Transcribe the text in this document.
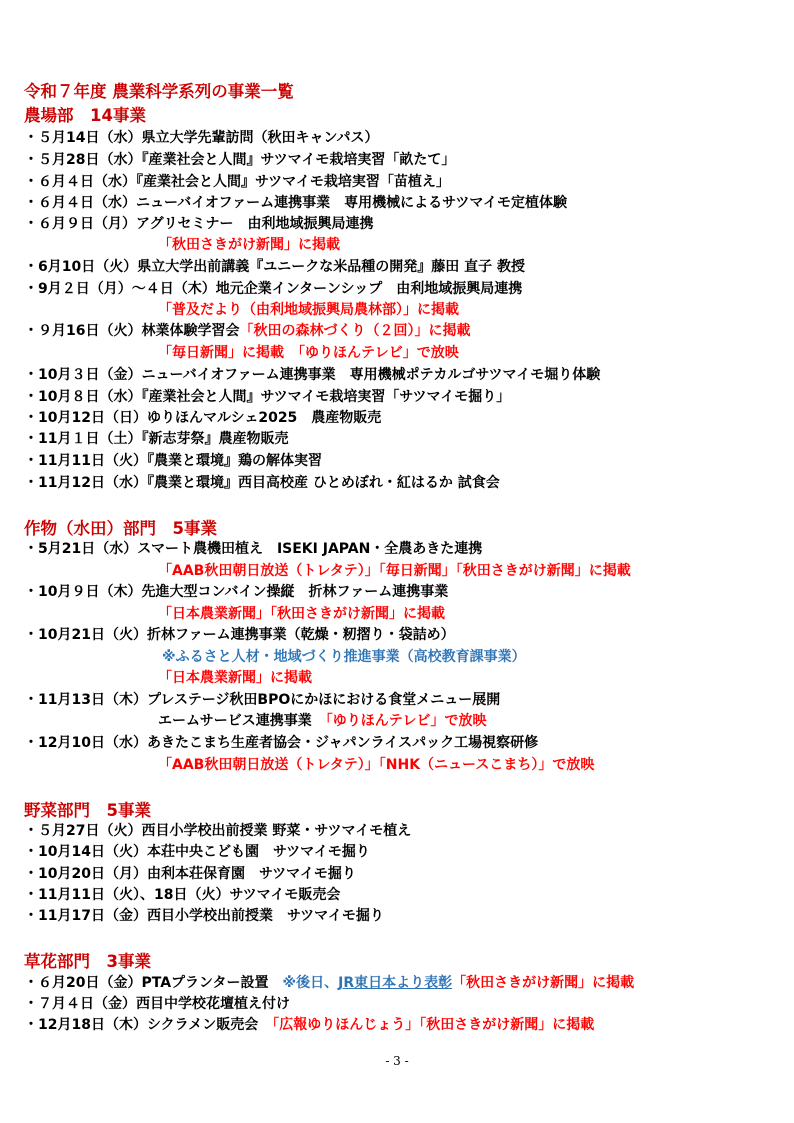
令和７年度 農業科学系列の事業一覧
農場部　14事業
・５月14日（水）県立大学先輩訪問（秋田キャンパス）
・５月28日（水）『産業社会と人間』サツマイモ栽培実習「畝たて」
・６月４日（水）『産業社会と人間』サツマイモ栽培実習「苗植え」
・６月４日（水）ニューバイオファーム連携事業　専用機械によるサツマイモ定植体験
・６月９日（月）アグリセミナー　由利地域振興局連携
「秋田さきがけ新聞」に掲載
・6月10日（火）県立大学出前講義『ユニークな米品種の開発』藤田 直子 教授
・9月２日（月）～４日（木）地元企業インターンシップ　由利地域振興局連携
「普及だより（由利地域振興局農林部）」に掲載
・９月16日（火）林業体験学習会「秋田の森林づくり（２回）」に掲載
「毎日新聞」に掲載　「ゆりほんテレビ」で放映
・10月３日（金）ニューバイオファーム連携事業　専用機械ポテカルゴサツマイモ堀り体験
・10月８日（水）『産業社会と人間』サツマイモ栽培実習「サツマイモ掘り」
・10月12日（日）ゆりほんマルシェ2025　農産物販売
・11月１日（土）『新志芽祭』農産物販売
・11月11日（火）『農業と環境』鶏の解体実習
・11月12日（水）『農業と環境』西目高校産 ひとめぼれ・紅はるか 試食会
作物（水田）部門　5事業
・5月21日（水）スマート農機田植え　ISEKI JAPAN・全農あきた連携
「AAB秋田朝日放送（トレタテ）」「毎日新聞」「秋田さきがけ新聞」に掲載
・10月９日（木）先進大型コンバイン操縦　折林ファーム連携事業
「日本農業新聞」「秋田さきがけ新聞」に掲載
・10月21日（火）折林ファーム連携事業（乾燥・籾摺り・袋詰め）
※ふるさと人材・地域づくり推進事業（高校教育課事業）
「日本農業新聞」に掲載
・11月13日（木）プレステージ秋田BPOにかほにおける食堂メニュー展開
エームサービス連携事業　「ゆりほんテレビ」で放映
・12月10日（水）あきたこまち生産者協会・ジャパンライスパック工場視察研修
「AAB秋田朝日放送（トレタテ）」「NHK（ニュースこまち）」で放映
野菜部門　5事業
・５月27日（火）西目小学校出前授業 野菜・サツマイモ植え
・10月14日（火）本荘中央こども園　サツマイモ掘り
・10月20日（月）由利本荘保育園　サツマイモ掘り
・11月11日（火）、18日（火）サツマイモ販売会
・11月17日（金）西目小学校出前授業　サツマイモ掘り
草花部門　3事業
・６月20日（金）PTAプランター設置　※後日、JR東日本より表彰「秋田さきがけ新聞」に掲載
・７月４日（金）西目中学校花壇植え付け
・12月18日（木）シクラメン販売会　「広報ゆりほんじょう」「秋田さきがけ新聞」に掲載
- 3 -
